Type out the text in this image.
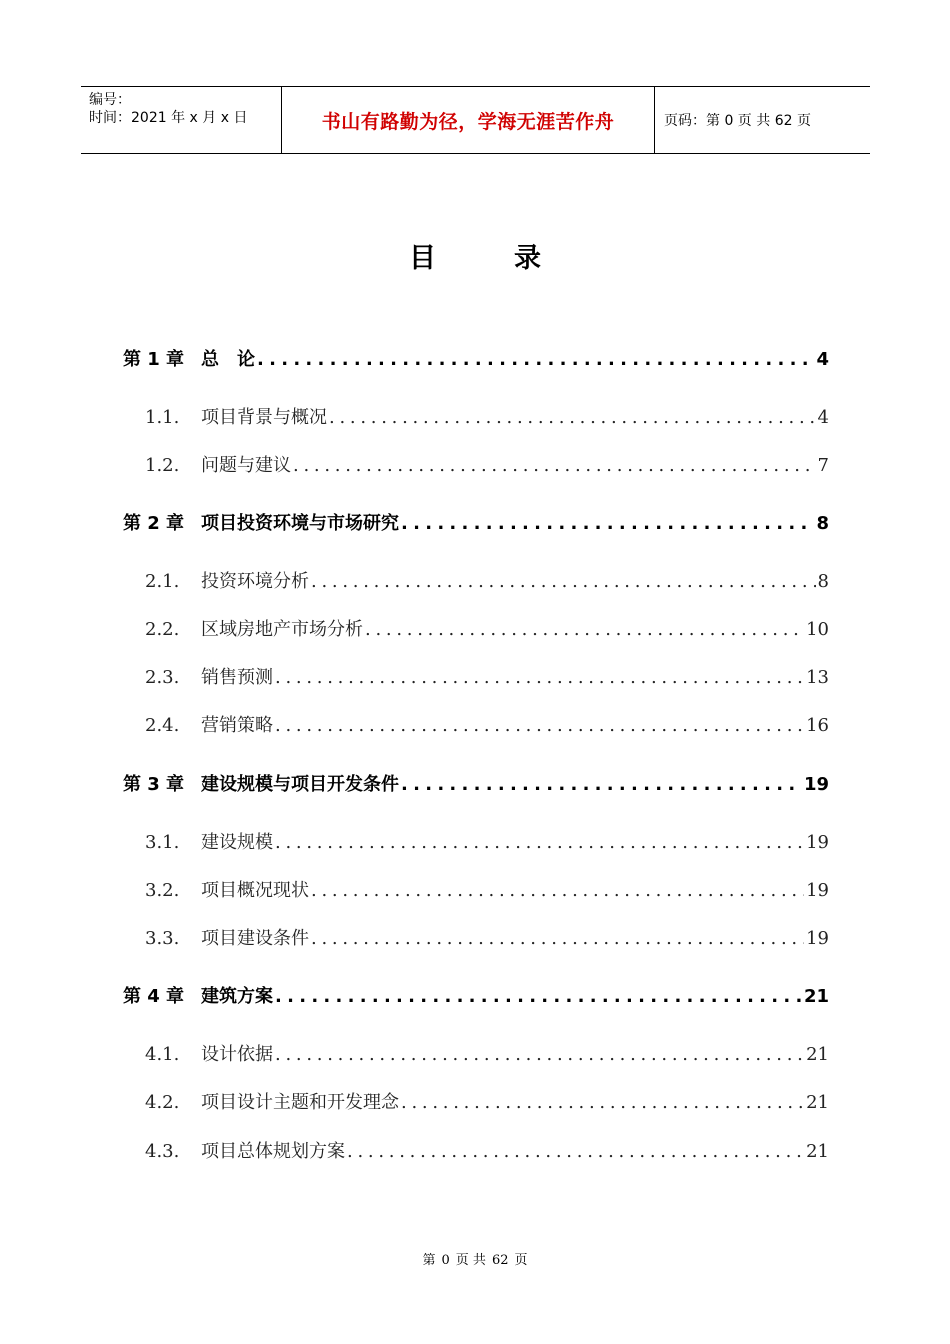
编号：
时间：2021 年 x 月 x 日	书山有路勤为径，学海无涯苦作舟	页码：第 0 页 共 62 页
目录
第 1 章 总　论 . . .	4
1.1.	项目背景与概况 . . .	4
1.2.	问题与建议 . . .	7
第 2 章 项目投资环境与市场研究 . . .	8
2.1.	投资环境分析 . . .	8
2.2.	区域房地产市场分析 . . .	10
2.3.	销售预测 . . .	13
2.4.	营销策略 . . .	16
第 3 章 建设规模与项目开发条件 . . .	19
3.1.	建设规模 . . .	19
3.2.	项目概况现状 . . .	19
3.3.	项目建设条件 . . .	19
第 4 章 建筑方案 . . .	21
4.1.	设计依据 . . .	21
4.2.	项目设计主题和开发理念 . . .	21
4.3.	项目总体规划方案 . . .	21
第 0 页 共 62 页
